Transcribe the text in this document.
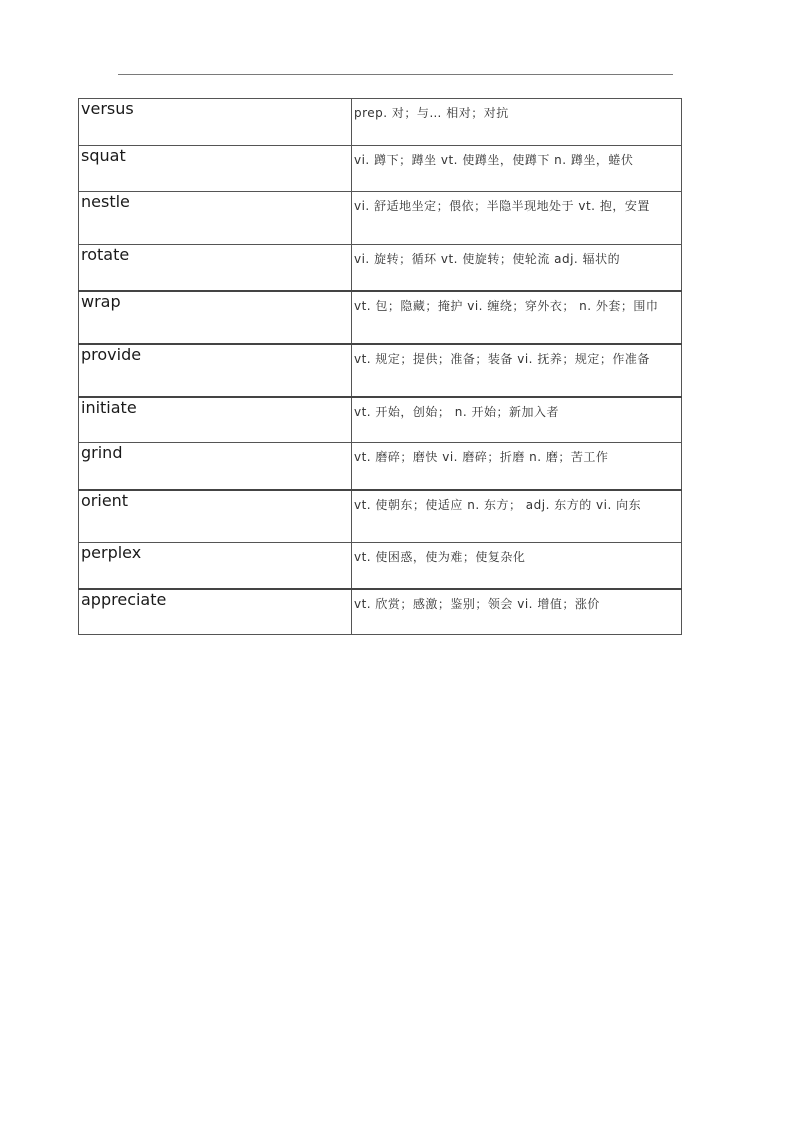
versus	prep. 对；与… 相对；对抗
squat	vi. 蹲下；蹲坐 vt. 使蹲坐，使蹲下 n. 蹲坐，蜷伏
nestle	vi. 舒适地坐定；偎依；半隐半现地处于 vt. 抱，安置
rotate	vi. 旋转；循环 vt. 使旋转；使轮流 adj. 辐状的
wrap	vt. 包；隐藏；掩护 vi. 缠绕；穿外衣； n. 外套；围巾
provide	vt. 规定；提供；准备；装备 vi. 抚养；规定；作准备
initiate	vt. 开始，创始； n. 开始；新加入者
grind	vt. 磨碎；磨快 vi. 磨碎；折磨 n. 磨；苦工作
orient	vt. 使朝东；使适应 n. 东方； adj. 东方的 vi. 向东
perplex	vt. 使困惑，使为难；使复杂化
appreciate	vt. 欣赏；感激；鉴别；领会 vi. 增值；涨价
